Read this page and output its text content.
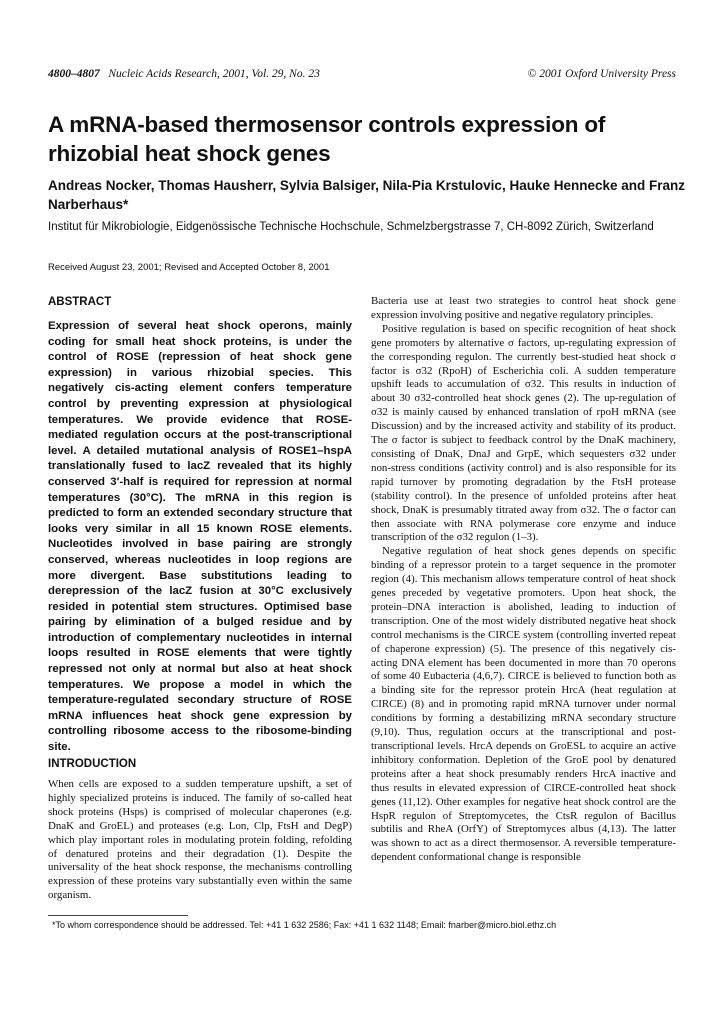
4800–4807 Nucleic Acids Research, 2001, Vol. 29, No. 23	© 2001 Oxford University Press
A mRNA-based thermosensor controls expression of rhizobial heat shock genes

Andreas Nocker, Thomas Hausherr, Sylvia Balsiger, Nila-Pia Krstulovic, Hauke Hennecke and Franz Narberhaus*

Institut für Mikrobiologie, Eidgenössische Technische Hochschule, Schmelzbergstrasse 7, CH-8092 Zürich, Switzerland

Received August 23, 2001; Revised and Accepted October 8, 2001

ABSTRACT

Expression of several heat shock operons, mainly coding for small heat shock proteins, is under the control of ROSE (repression of heat shock gene expression) in various rhizobial species. This negatively cis-acting element confers temperature control by preventing expression at physiological temperatures. We provide evidence that ROSE-mediated regulation occurs at the post-transcriptional level. A detailed mutational analysis of ROSE1–hspA translationally fused to lacZ revealed that its highly conserved 3′-half is required for repression at normal temperatures (30°C). The mRNA in this region is predicted to form an extended secondary structure that looks very similar in all 15 known ROSE elements. Nucleotides involved in base pairing are strongly conserved, whereas nucleotides in loop regions are more divergent. Base substitutions leading to derepression of the lacZ fusion at 30°C exclusively resided in potential stem structures. Optimised base pairing by elimination of a bulged residue and by introduction of complementary nucleotides in internal loops resulted in ROSE elements that were tightly repressed not only at normal but also at heat shock temperatures. We propose a model in which the temperature-regulated secondary structure of ROSE mRNA influences heat shock gene expression by controlling ribosome access to the ribosome-binding site.

INTRODUCTION

When cells are exposed to a sudden temperature upshift, a set of highly specialized proteins is induced. The family of so-called heat shock proteins (Hsps) is comprised of molecular chaperones (e.g. DnaK and GroEL) and proteases (e.g. Lon, Clp, FtsH and DegP) which play important roles in modulating protein folding, refolding of denatured proteins and their degradation (1). Despite the universality of the heat shock response, the mechanisms controlling expression of these proteins vary substantially even within the same organism.

Bacteria use at least two strategies to control heat shock gene expression involving positive and negative regulatory principles.

Positive regulation is based on specific recognition of heat shock gene promoters by alternative σ factors, up-regulating expression of the corresponding regulon. The currently best-studied heat shock σ factor is σ32 (RpoH) of Escherichia coli. A sudden temperature upshift leads to accumulation of σ32. This results in induction of about 30 σ32-controlled heat shock genes (2). The up-regulation of σ32 is mainly caused by enhanced translation of rpoH mRNA (see Discussion) and by the increased activity and stability of its product. The σ factor is subject to feedback control by the DnaK machinery, consisting of DnaK, DnaJ and GrpE, which sequesters σ32 under non-stress conditions (activity control) and is also responsible for its rapid turnover by promoting degradation by the FtsH protease (stability control). In the presence of unfolded proteins after heat shock, DnaK is presumably titrated away from σ32. The σ factor can then associate with RNA polymerase core enzyme and induce transcription of the σ32 regulon (1–3).

Negative regulation of heat shock genes depends on specific binding of a repressor protein to a target sequence in the promoter region (4). This mechanism allows temperature control of heat shock genes preceded by vegetative promoters. Upon heat shock, the protein–DNA interaction is abolished, leading to induction of transcription. One of the most widely distributed negative heat shock control mechanisms is the CIRCE system (controlling inverted repeat of chaperone expression) (5). The presence of this negatively cis-acting DNA element has been documented in more than 70 operons of some 40 Eubacteria (4,6,7). CIRCE is believed to function both as a binding site for the repressor protein HrcA (heat regulation at CIRCE) (8) and in promoting rapid mRNA turnover under normal conditions by forming a destabilizing mRNA secondary structure (9,10). Thus, regulation occurs at the transcriptional and post-transcriptional levels. HrcA depends on GroESL to acquire an active inhibitory conformation. Depletion of the GroE pool by denatured proteins after a heat shock presumably renders HrcA inactive and thus results in elevated expression of CIRCE-controlled heat shock genes (11,12). Other examples for negative heat shock control are the HspR regulon of Streptomycetes, the CtsR regulon of Bacillus subtilis and RheA (OrfY) of Streptomyces albus (4,13). The latter was shown to act as a direct thermosensor. A reversible temperature-dependent conformational change is responsible

*To whom correspondence should be addressed. Tel: +41 1 632 2586; Fax: +41 1 632 1148; Email: fnarber@micro.biol.ethz.ch
